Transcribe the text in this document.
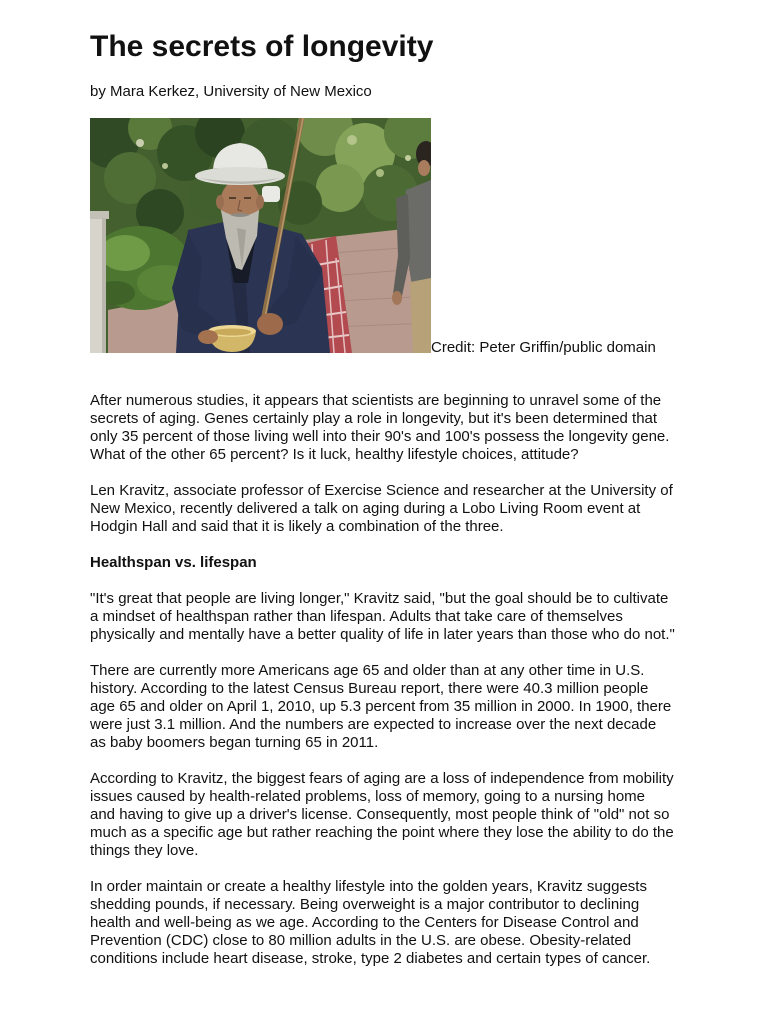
The secrets of longevity
by Mara Kerkez, University of New Mexico
Credit: Peter Griffin/public domain

After numerous studies, it appears that scientists are beginning to unravel some of the
secrets of aging. Genes certainly play a role in longevity, but it's been determined that
only 35 percent of those living well into their 90's and 100's possess the longevity gene.
What of the other 65 percent? Is it luck, healthy lifestyle choices, attitude?

Len Kravitz, associate professor of Exercise Science and researcher at the University of
New Mexico, recently delivered a talk on aging during a Lobo Living Room event at
Hodgin Hall and said that it is likely a combination of the three.

Healthspan vs. lifespan

"It's great that people are living longer," Kravitz said, "but the goal should be to cultivate
a mindset of healthspan rather than lifespan. Adults that take care of themselves
physically and mentally have a better quality of life in later years than those who do not."

There are currently more Americans age 65 and older than at any other time in U.S.
history. According to the latest Census Bureau report, there were 40.3 million people
age 65 and older on April 1, 2010, up 5.3 percent from 35 million in 2000. In 1900, there
were just 3.1 million. And the numbers are expected to increase over the next decade
as baby boomers began turning 65 in 2011.

According to Kravitz, the biggest fears of aging are a loss of independence from mobility
issues caused by health-related problems, loss of memory, going to a nursing home
and having to give up a driver's license. Consequently, most people think of "old" not so
much as a specific age but rather reaching the point where they lose the ability to do the
things they love.

In order maintain or create a healthy lifestyle into the golden years, Kravitz suggests
shedding pounds, if necessary. Being overweight is a major contributor to declining
health and well-being as we age. According to the Centers for Disease Control and
Prevention (CDC) close to 80 million adults in the U.S. are obese. Obesity-related
conditions include heart disease, stroke, type 2 diabetes and certain types of cancer.
